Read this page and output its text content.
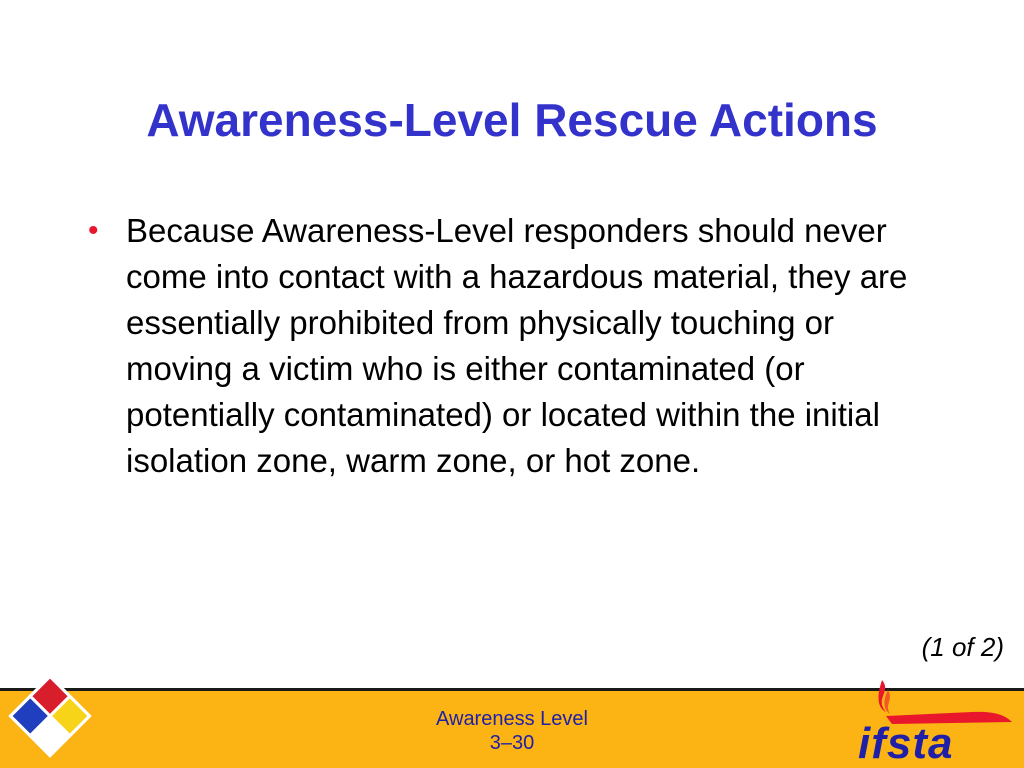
Awareness-Level Rescue Actions
• Because Awareness-Level responders should never come into contact with a hazardous material, they are essentially prohibited from physically touching or moving a victim who is either contaminated (or potentially contaminated) or located within the initial isolation zone, warm zone, or hot zone.
(1 of 2)
Awareness Level
3–30	ifsta
